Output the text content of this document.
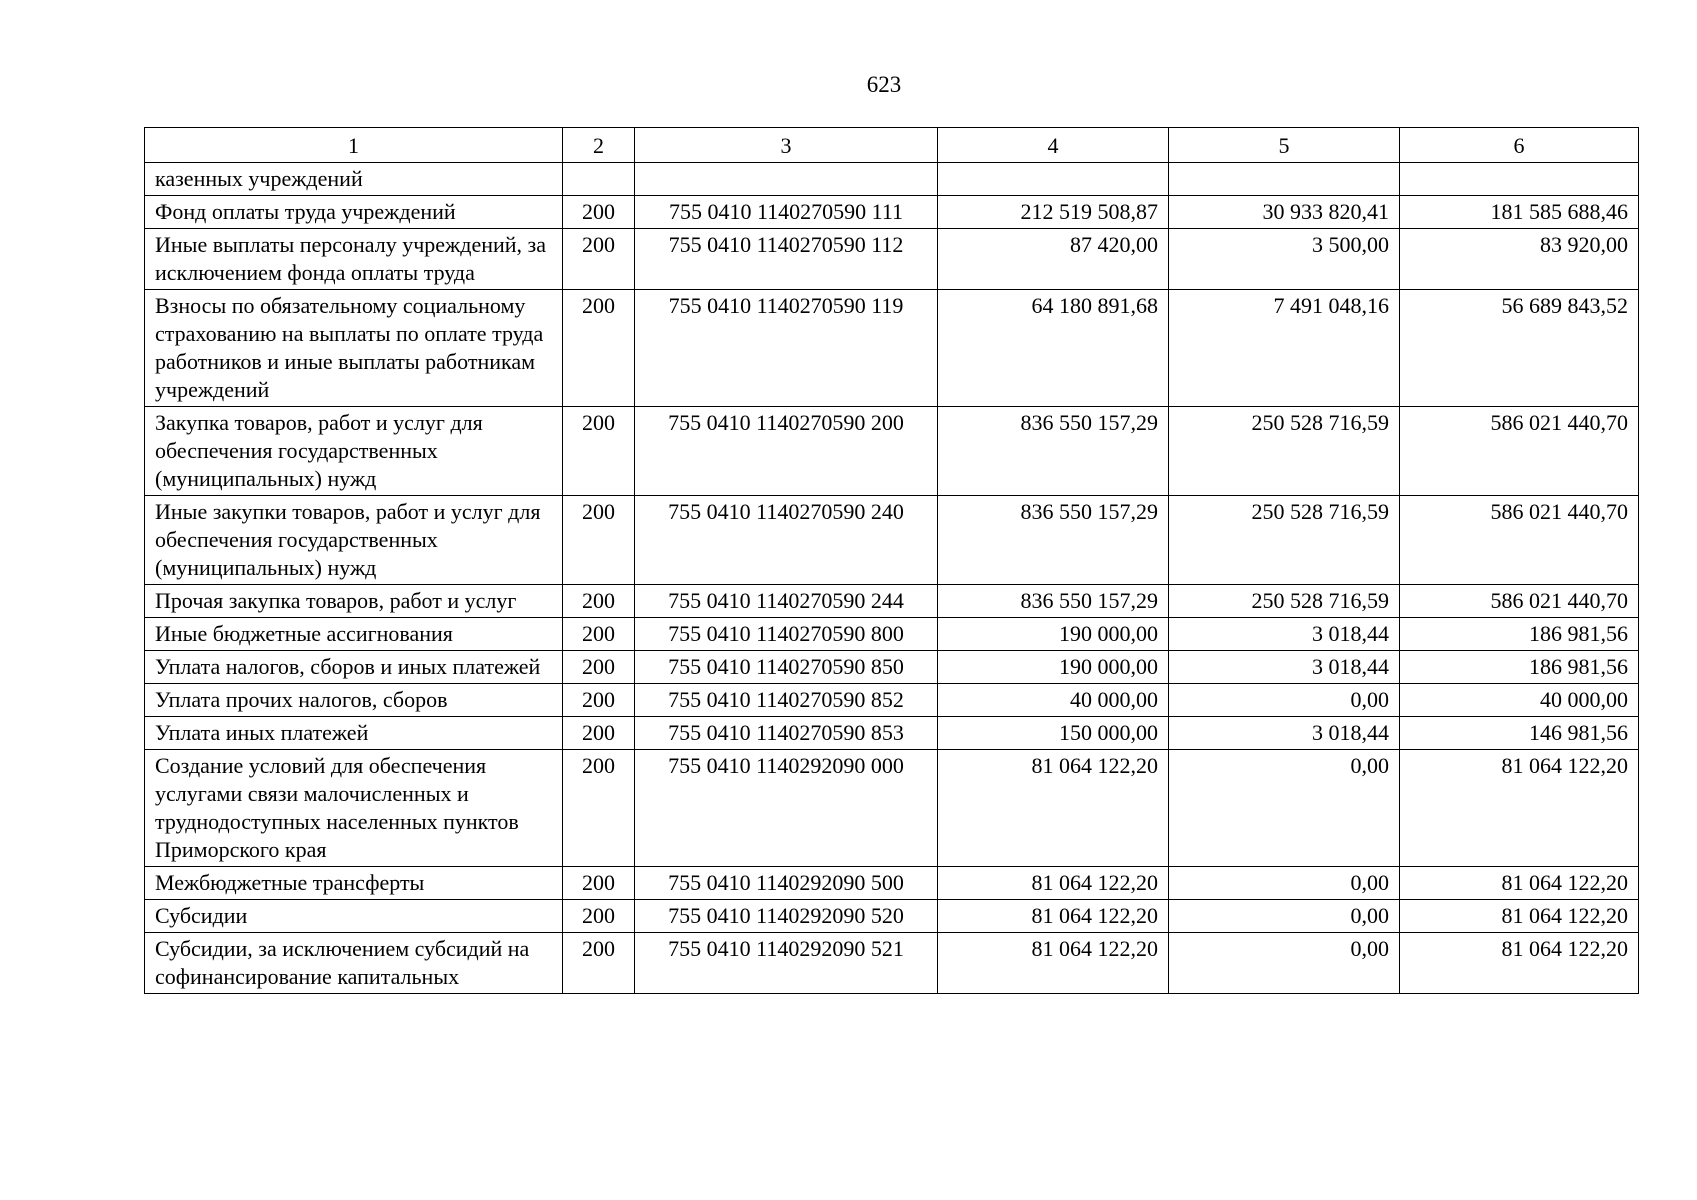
623
1	2	3	4	5	6
казенных учреждений					
Фонд оплаты труда учреждений	200	755 0410 1140270590 111	212 519 508,87	30 933 820,41	181 585 688,46
Иные выплаты персоналу учреждений, за исключением фонда оплаты труда	200	755 0410 1140270590 112	87 420,00	3 500,00	83 920,00
Взносы по обязательному социальному страхованию на выплаты по оплате труда работников и иные выплаты работникам учреждений	200	755 0410 1140270590 119	64 180 891,68	7 491 048,16	56 689 843,52
Закупка товаров, работ и услуг для обеспечения государственных (муниципальных) нужд	200	755 0410 1140270590 200	836 550 157,29	250 528 716,59	586 021 440,70
Иные закупки товаров, работ и услуг для обеспечения государственных (муниципальных) нужд	200	755 0410 1140270590 240	836 550 157,29	250 528 716,59	586 021 440,70
Прочая закупка товаров, работ и услуг	200	755 0410 1140270590 244	836 550 157,29	250 528 716,59	586 021 440,70
Иные бюджетные ассигнования	200	755 0410 1140270590 800	190 000,00	3 018,44	186 981,56
Уплата налогов, сборов и иных платежей	200	755 0410 1140270590 850	190 000,00	3 018,44	186 981,56
Уплата прочих налогов, сборов	200	755 0410 1140270590 852	40 000,00	0,00	40 000,00
Уплата иных платежей	200	755 0410 1140270590 853	150 000,00	3 018,44	146 981,56
Создание условий для обеспечения услугами связи малочисленных и труднодоступных населенных пунктов Приморского края	200	755 0410 1140292090 000	81 064 122,20	0,00	81 064 122,20
Межбюджетные трансферты	200	755 0410 1140292090 500	81 064 122,20	0,00	81 064 122,20
Субсидии	200	755 0410 1140292090 520	81 064 122,20	0,00	81 064 122,20
Субсидии, за исключением субсидий на софинансирование капитальных	200	755 0410 1140292090 521	81 064 122,20	0,00	81 064 122,20
